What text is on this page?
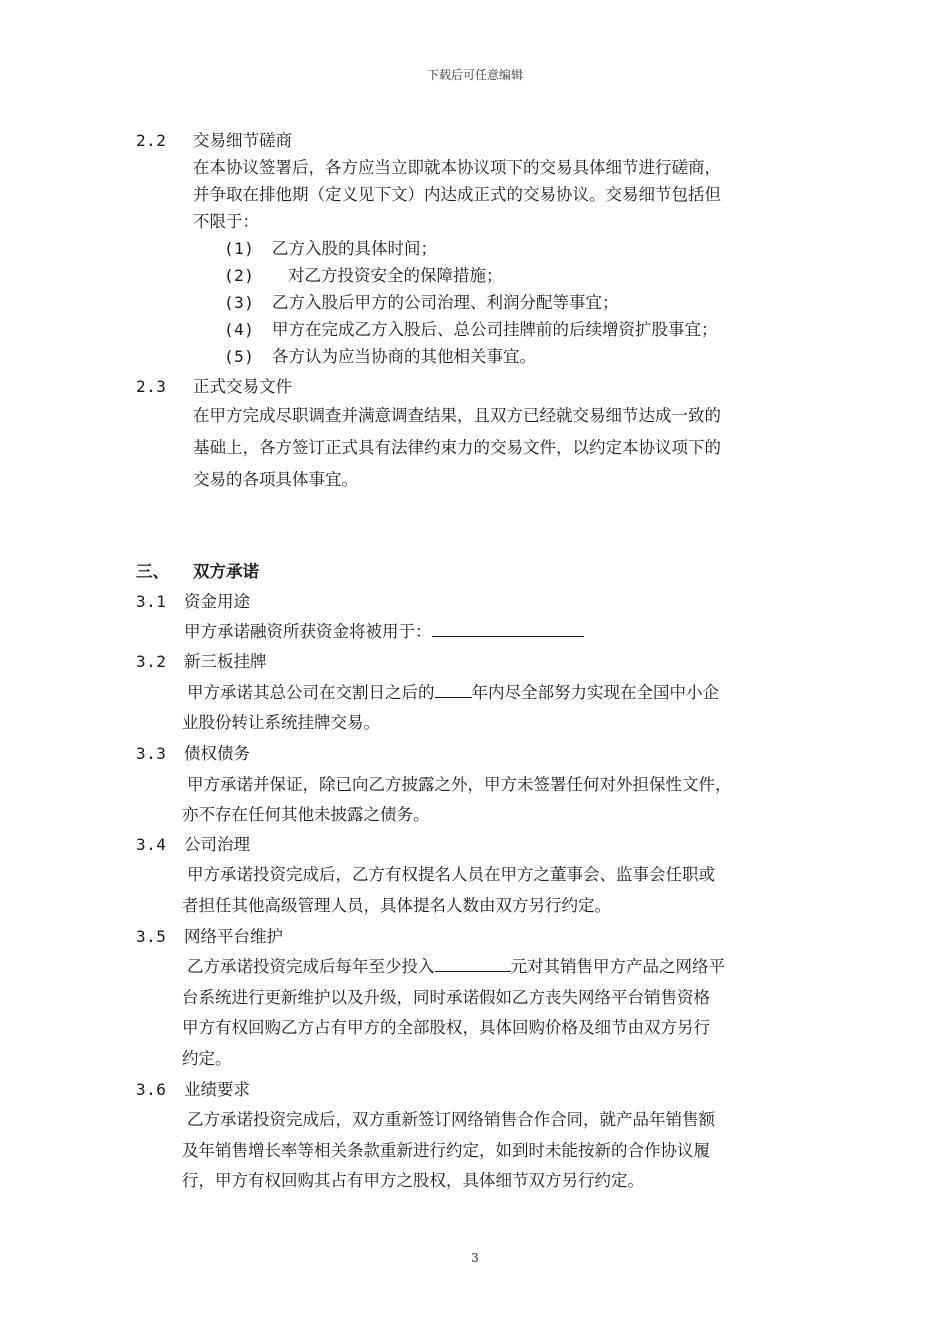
下载后可任意编辑
2.2 交易细节磋商
在本协议签署后，各方应当立即就本协议项下的交易具体细节进行磋商，
并争取在排他期（定义见下文）内达成正式的交易协议。交易细节包括但
不限于：
(1) 乙方入股的具体时间；
(2) 对乙方投资安全的保障措施；
(3) 乙方入股后甲方的公司治理、利润分配等事宜；
(4) 甲方在完成乙方入股后、总公司挂牌前的后续增资扩股事宜；
(5) 各方认为应当协商的其他相关事宜。
2.3 正式交易文件
在甲方完成尽职调查并满意调查结果，且双方已经就交易细节达成一致的
基础上，各方签订正式具有法律约束力的交易文件，以约定本协议项下的
交易的各项具体事宜。
三、 双方承诺
3.1 资金用途
甲方承诺融资所获资金将被用于：
3.2 新三板挂牌
甲方承诺其总公司在交割日之后的 年内尽全部努力实现在全国中小企
业股份转让系统挂牌交易。
3.3 债权债务
甲方承诺并保证，除已向乙方披露之外，甲方未签署任何对外担保性文件，
亦不存在任何其他未披露之债务。
3.4 公司治理
甲方承诺投资完成后，乙方有权提名人员在甲方之董事会、监事会任职或
者担任其他高级管理人员，具体提名人数由双方另行约定。
3.5 网络平台维护
乙方承诺投资完成后每年至少投入	元对其销售甲方产品之网络平
台系统进行更新维护以及升级，同时承诺假如乙方丧失网络平台销售资格
甲方有权回购乙方占有甲方的全部股权，具体回购价格及细节由双方另行
约定。
3.6 业绩要求
乙方承诺投资完成后，双方重新签订网络销售合作合同，就产品年销售额
及年销售增长率等相关条款重新进行约定，如到时未能按新的合作协议履
行，甲方有权回购其占有甲方之股权，具体细节双方另行约定。
3
